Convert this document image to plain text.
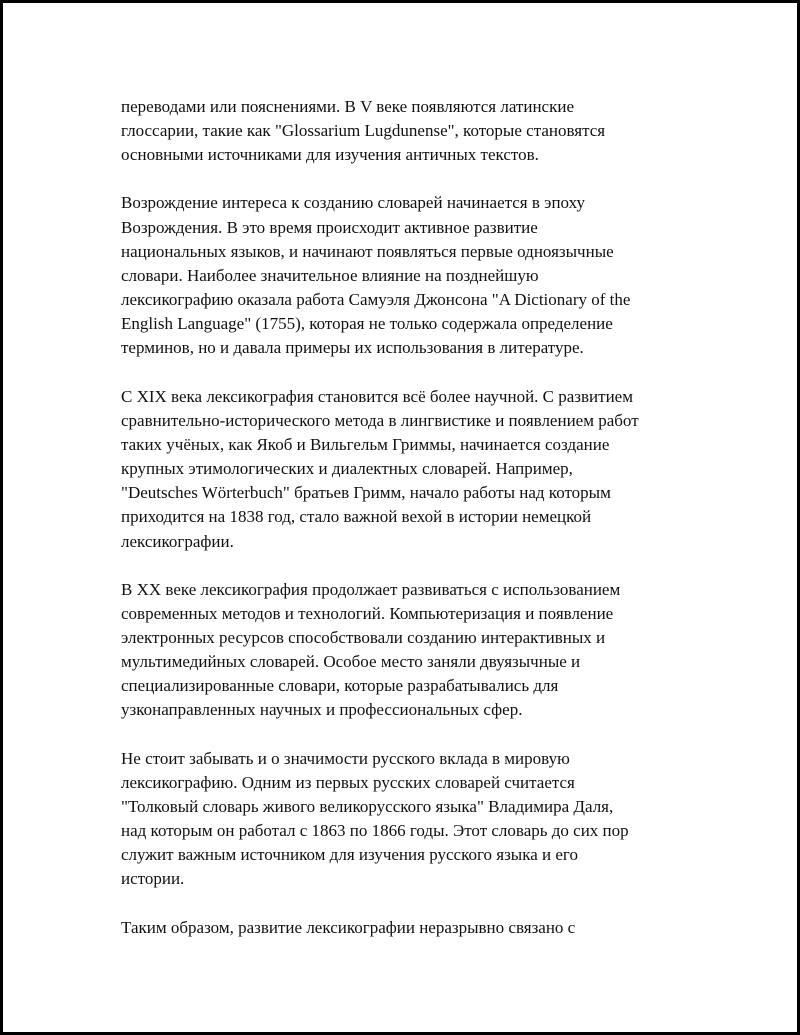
переводами или пояснениями. В V веке появляются латинские
глоссарии, такие как "Glossarium Lugdunense", которые становятся
основными источниками для изучения античных текстов.

Возрождение интереса к созданию словарей начинается в эпоху
Возрождения. В это время происходит активное развитие
национальных языков, и начинают появляться первые одноязычные
словари. Наиболее значительное влияние на позднейшую
лексикографию оказала работа Самуэля Джонсона "A Dictionary of the
English Language" (1755), которая не только содержала определение
терминов, но и давала примеры их использования в литературе.

С XIX века лексикография становится всё более научной. С развитием
сравнительно-исторического метода в лингвистике и появлением работ
таких учёных, как Якоб и Вильгельм Гриммы, начинается создание
крупных этимологических и диалектных словарей. Например,
"Deutsches Wörterbuch" братьев Гримм, начало работы над которым
приходится на 1838 год, стало важной вехой в истории немецкой
лексикографии.

В XX веке лексикография продолжает развиваться с использованием
современных методов и технологий. Компьютеризация и появление
электронных ресурсов способствовали созданию интерактивных и
мультимедийных словарей. Особое место заняли двуязычные и
специализированные словари, которые разрабатывались для
узконаправленных научных и профессиональных сфер.

Не стоит забывать и о значимости русского вклада в мировую
лексикографию. Одним из первых русских словарей считается
"Толковый словарь живого великорусского языка" Владимира Даля,
над которым он работал с 1863 по 1866 годы. Этот словарь до сих пор
служит важным источником для изучения русского языка и его
истории.

Таким образом, развитие лексикографии неразрывно связано с
